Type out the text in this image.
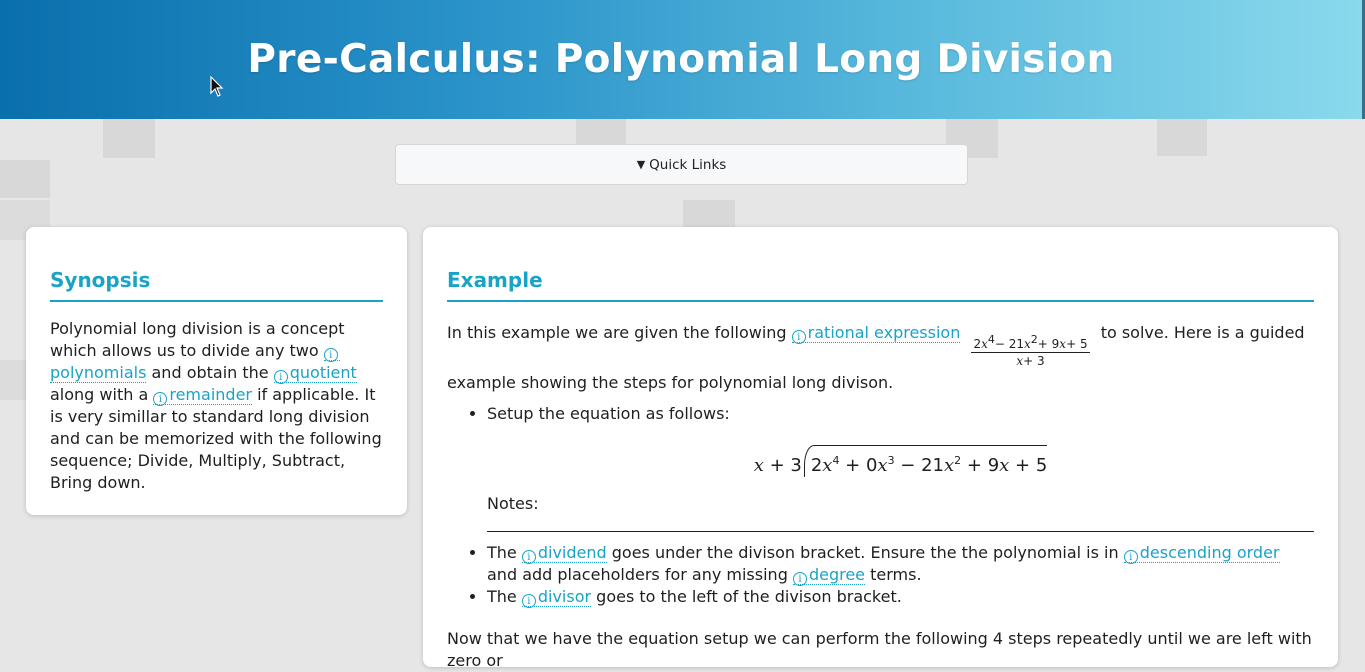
Pre-Calculus: Polynomial Long Division
▼ Quick Links
Synopsis

Polynomial long division is a concept which allows us to divide any two ipolynomials and obtain the i quotient along with a i remainder if applicable. It is very simillar to standard long division and can be memorized with the following sequence; Divide, Multiply, Subtract, Bring down.

Example

In this example we are given the following i rational expression
$\frac{2x^4- 21x^2+ 9x+ 5}{x+ 3}$
to solve. Here is a guided example showing the steps for polynomial long divison.

• Setup the equation as follows:
x + 3 $2x^4 + 0x^3 - 21x^2 + 9x + 5$
Notes:
• The i dividend goes under the divison bracket. Ensure the the polynomial is in i descending order and add placeholders for any missing i degree terms.
• The i divisor goes to the left of the divison bracket.

Now that we have the equation setup we can perform the following 4 steps repeatedly until we are left with zero or
